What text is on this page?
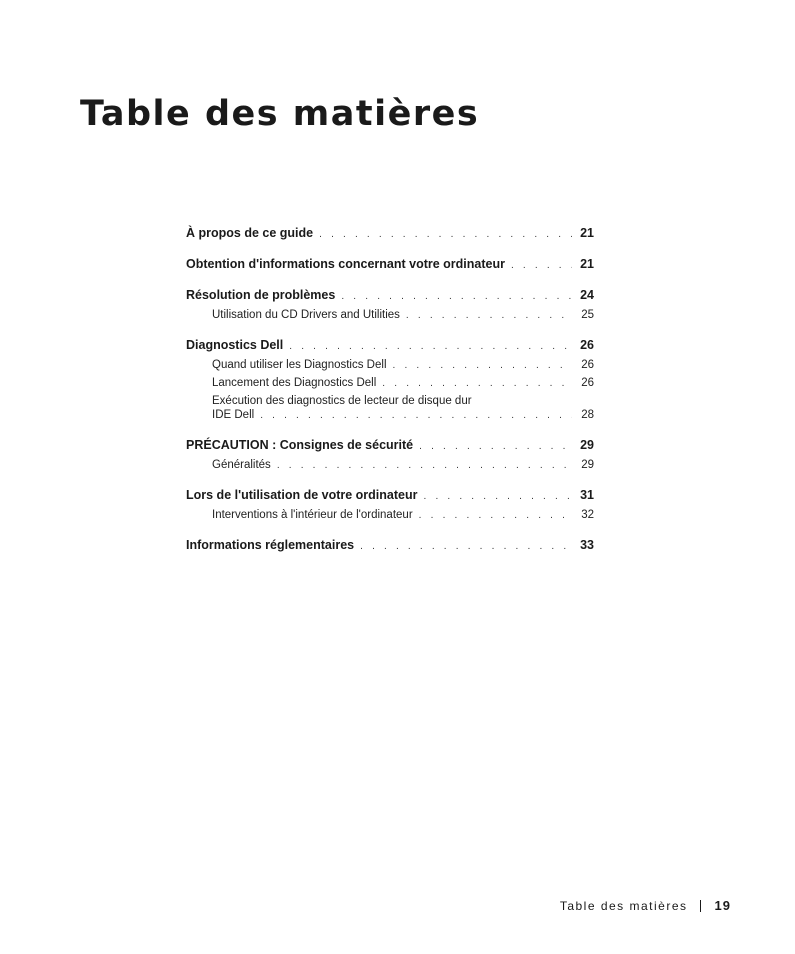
Table des matières
À propos de ce guide . . .	21
Obtention d'informations concernant votre ordinateur . . .	21
Résolution de problèmes . . .	24
Utilisation du CD Drivers and Utilities . . .	25
Diagnostics Dell . . .	26
Quand utiliser les Diagnostics Dell . . .	26
Lancement des Diagnostics Dell . . .	26
Exécution des diagnostics de lecteur de disque dur
IDE Dell . . .	28
PRÉCAUTION : Consignes de sécurité . . .	29
Généralités . . .	29
Lors de l'utilisation de votre ordinateur . . .	31
Interventions à l'intérieur de l'ordinateur . . .	32
Informations réglementaires . . .	33
Table des matières 19
